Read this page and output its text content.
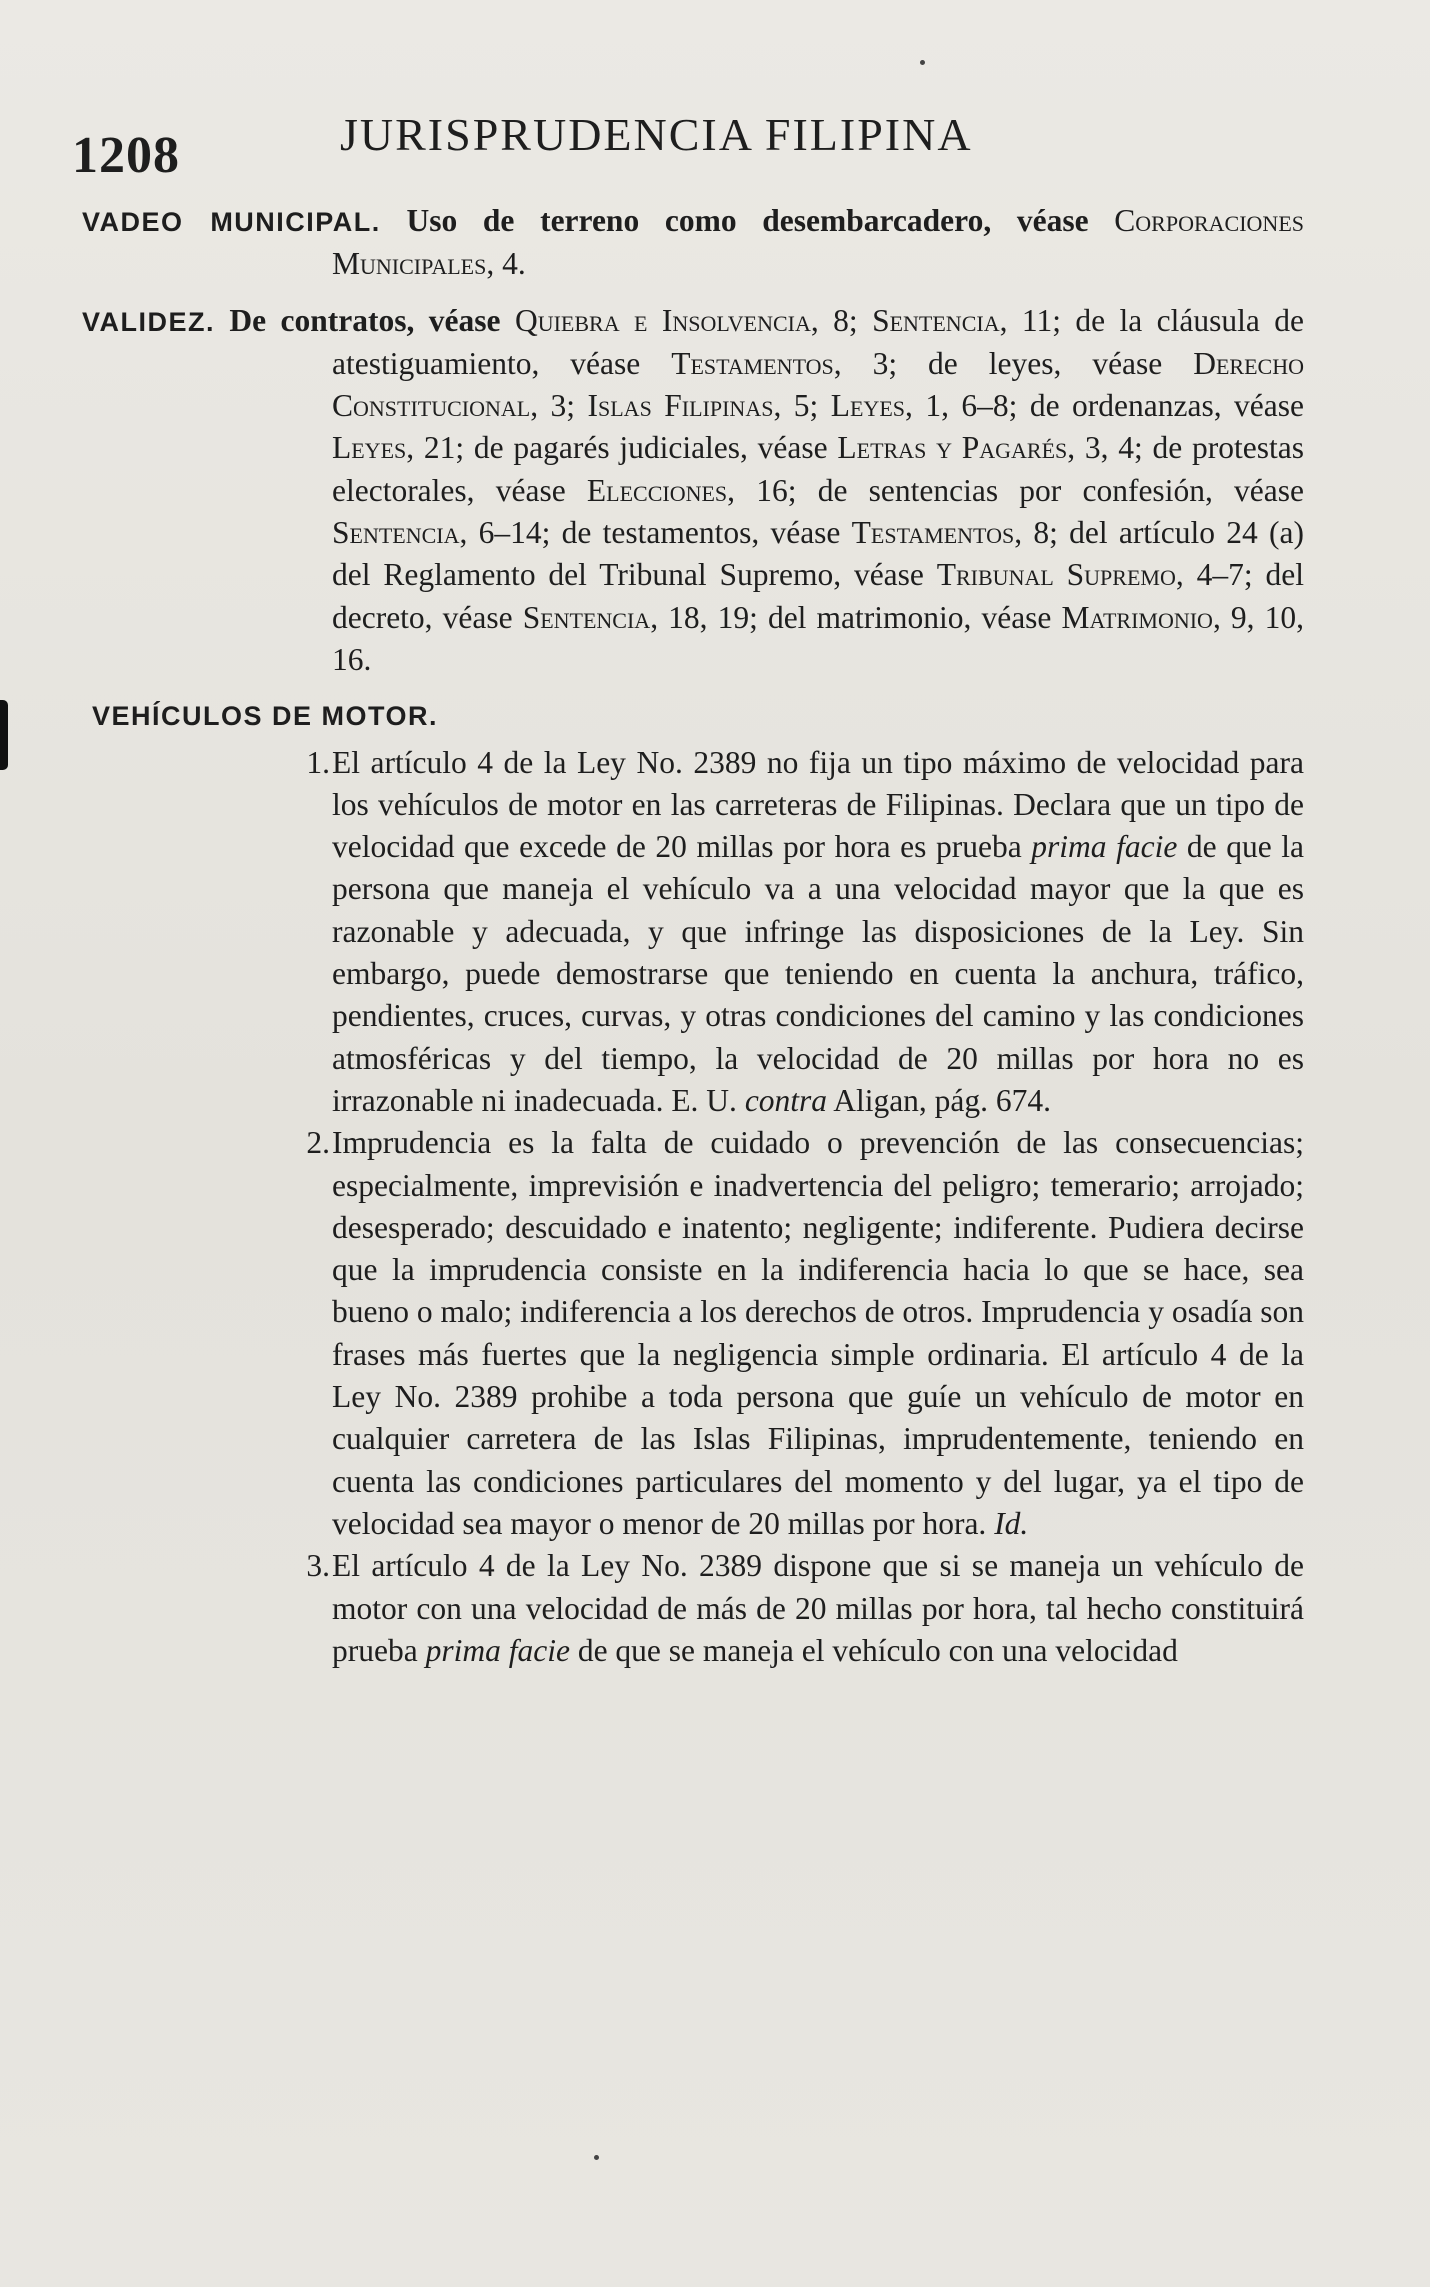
1208	JURISPRUDENCIA FILIPINA

VADEO MUNICIPAL. Uso de terreno como desembarcadero, véase Corporaciones Municipales, 4.

VALIDEZ. De contratos, véase Quiebra e Insolvencia, 8; Sentencia, 11; de la cláusula de atestiguamiento, véase Testamentos, 3; de leyes, véase Derecho Constitucional, 3; Islas Filipinas, 5; Leyes, 1, 6–8; de ordenanzas, véase Leyes, 21; de pagarés judiciales, véase Letras y Pagarés, 3, 4; de protestas electorales, véase Elecciones, 16; de sentencias por confesión, véase Sentencia, 6–14; de testamentos, véase Testamentos, 8; del artículo 24 (a) del Reglamento del Tribunal Supremo, véase Tribunal Supremo, 4–7; del decreto, véase Sentencia, 18, 19; del matrimonio, véase Matrimonio, 9, 10, 16.

VEHÍCULOS DE MOTOR.

1. El artículo 4 de la Ley No. 2389 no fija un tipo máximo de velocidad para los vehículos de motor en las carreteras de Filipinas. Declara que un tipo de velocidad que excede de 20 millas por hora es prueba prima facie de que la persona que maneja el vehículo va a una velocidad mayor que la que es razonable y adecuada, y que infringe las disposiciones de la Ley. Sin embargo, puede demostrarse que teniendo en cuenta la anchura, tráfico, pendientes, cruces, curvas, y otras condiciones del camino y las condiciones atmosféricas y del tiempo, la velocidad de 20 millas por hora no es irrazonable ni inadecuada. E. U. contra Aligan, pág. 674.

2. Imprudencia es la falta de cuidado o prevención de las consecuencias; especialmente, imprevisión e inadvertencia del peligro; temerario; arrojado; desesperado; descuidado e inatento; negligente; indiferente. Pudiera decirse que la imprudencia consiste en la indiferencia hacia lo que se hace, sea bueno o malo; indiferencia a los derechos de otros. Imprudencia y osadía son frases más fuertes que la negligencia simple ordinaria. El artículo 4 de la Ley No. 2389 prohibe a toda persona que guíe un vehículo de motor en cualquier carretera de las Islas Filipinas, imprudentemente, teniendo en cuenta las condiciones particulares del momento y del lugar, ya el tipo de velocidad sea mayor o menor de 20 millas por hora. Id.

3. El artículo 4 de la Ley No. 2389 dispone que si se maneja un vehículo de motor con una velocidad de más de 20 millas por hora, tal hecho constituirá prueba prima facie de que se maneja el vehículo con una velocidad
